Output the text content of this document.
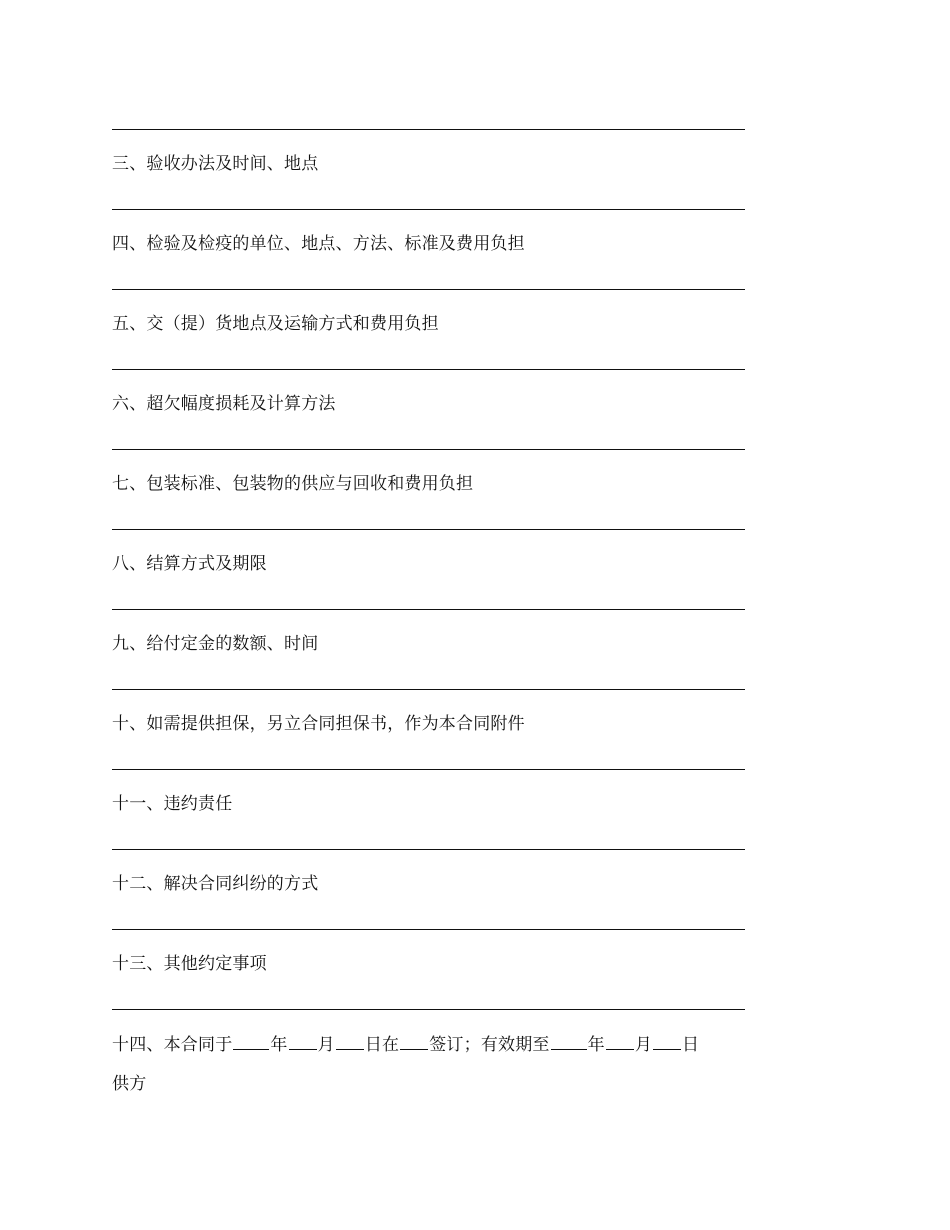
三、验收办法及时间、地点
四、检验及检疫的单位、地点、方法、标准及费用负担
五、交（提）货地点及运输方式和费用负担
六、超欠幅度损耗及计算方法
七、包装标准、包装物的供应与回收和费用负担
八、结算方式及期限
九、给付定金的数额、时间
十、如需提供担保，另立合同担保书，作为本合同附件
十一、违约责任
十二、解决合同纠纷的方式
十三、其他约定事项
十四、本合同于 年 月 日在 签订；有效期至 年 月 日
供方
